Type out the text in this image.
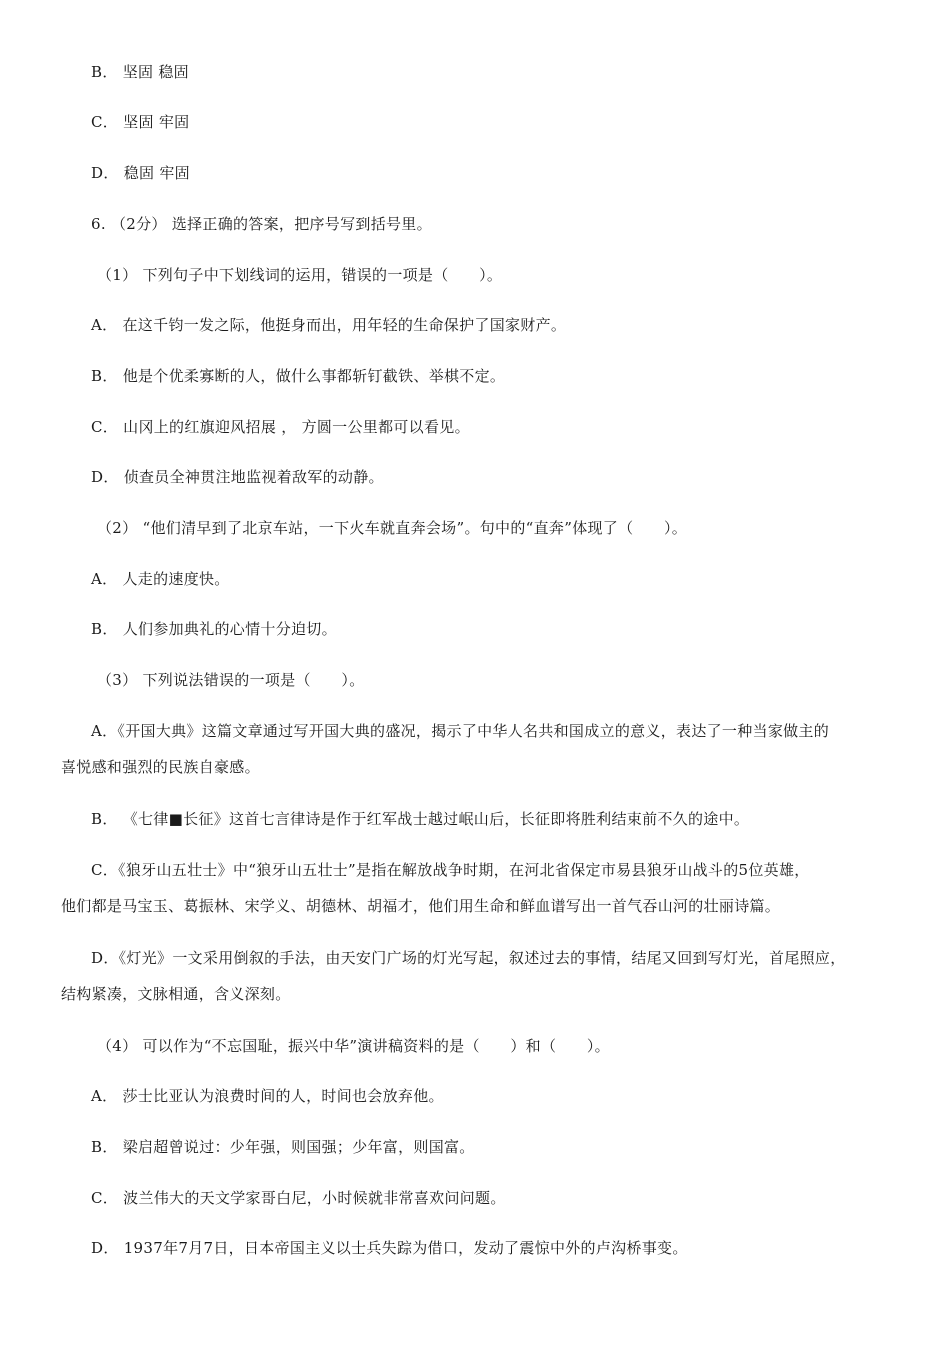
B． 坚固 稳固
C． 坚固 牢固
D． 稳固 牢固
6. （2分） 选择正确的答案，把序号写到括号里。
（1） 下列句子中下划线词的运用，错误的一项是（　　）。
A． 在这千钧一发之际，他挺身而出，用年轻的生命保护了国家财产。
B． 他是个优柔寡断的人，做什么事都斩钉截铁、举棋不定。
C． 山冈上的红旗迎风招展 ， 方圆一公里都可以看见。
D． 侦查员全神贯注地监视着敌军的动静。
（2） “他们清早到了北京车站，一下火车就直奔会场”。句中的“直奔”体现了（　　）。
A． 人走的速度快。
B． 人们参加典礼的心情十分迫切。
（3） 下列说法错误的一项是（　　）。
A．《开国大典》这篇文章通过写开国大典的盛况，揭示了中华人名共和国成立的意义，表达了一种当家做主的
喜悦感和强烈的民族自豪感。
B． 《七律■长征》这首七言律诗是作于红军战士越过岷山后，长征即将胜利结束前不久的途中。
C．《狼牙山五壮士》中“狼牙山五壮士”是指在解放战争时期，在河北省保定市易县狼牙山战斗的5位英雄，
他们都是马宝玉、葛振林、宋学义、胡德林、胡福才，他们用生命和鲜血谱写出一首气吞山河的壮丽诗篇。
D．《灯光》一文采用倒叙的手法，由天安门广场的灯光写起，叙述过去的事情，结尾又回到写灯光，首尾照应，
结构紧凑，文脉相通，含义深刻。
（4） 可以作为“不忘国耻，振兴中华”演讲稿资料的是（　　）和（　　）。
A． 莎士比亚认为浪费时间的人，时间也会放弃他。
B． 梁启超曾说过：少年强，则国强；少年富，则国富。
C． 波兰伟大的天文学家哥白尼，小时候就非常喜欢问问题。
D． 1937年7月7日，日本帝国主义以士兵失踪为借口，发动了震惊中外的卢沟桥事变。
